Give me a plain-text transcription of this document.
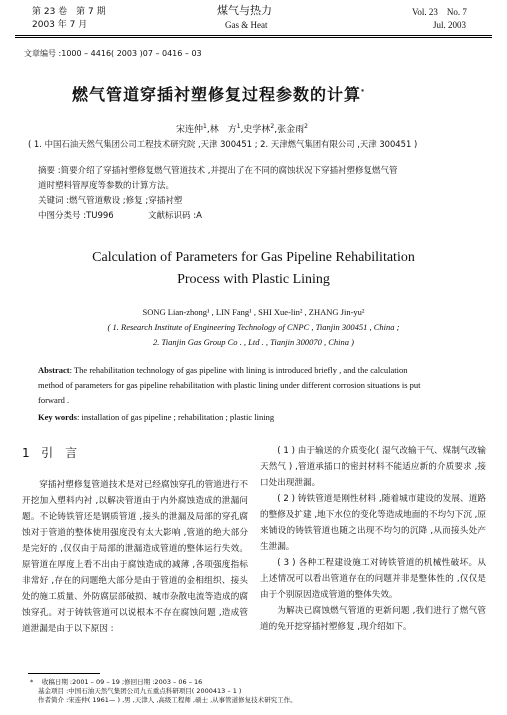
第 23 卷　第 7 期
2003 年 7 月
煤气与热力
Gas & Heat
Vol. 23　No. 7
Jul. 2003
文章编号 :1000 – 4416( 2003 )07 – 0416 – 03
燃气管道穿插衬塑修复过程参数的计算*
宋连仲$^1$,林　方$^1$,史学林$^2$,张金雨$^2$
( 1. 中国石油天然气集团公司工程技术研究院 ,天津 300451 ; 2. 天津燃气集团有限公司 ,天津 300451 )
摘要 :简要介绍了穿插衬塑修复燃气管道技术 ,并提出了在不同的腐蚀状况下穿插衬塑修复燃气管
道时塑料管厚度等参数的计算方法。
关键词 :燃气管道敷设 ;修复 ;穿插衬塑
中图分类号 :TU996	文献标识码 :A
Calculation of Parameters for Gas Pipeline Rehabilitation
Process with Plastic Lining
SONG Lian-zhong¹ , LIN Fang¹ , SHI Xue-lin² , ZHANG Jin-yu²
( 1. Research Institute of Engineering Technology of CNPC , Tianjin 300451 , China ;
2. Tianjin Gas Group Co . , Ltd . , Tianjin 300070 , China )
Abstract: The rehabilitation technology of gas pipeline with lining is introduced briefly , and the calculation
method of parameters for gas pipeline rehabilitation with plastic lining under different corrosion situations is put
forward .
Key words: installation of gas pipeline ; rehabilitation ; plastic lining
1 引　言

穿插衬塑修复管道技术是对已经腐蚀穿孔的管道进行不开挖加入塑料内衬 ,以解决管道由于内外腐蚀造成的泄漏问题。不论铸铁管还是钢质管道 ,接头的泄漏及局部的穿孔腐蚀对于管道的整体使用强度没有太大影响 ,管道的绝大部分是完好的 ,仅仅由于局部的泄漏造成管道的整体运行失效。原管道在厚度上看不出由于腐蚀造成的减薄 ,各项强度指标非常好 ,存在的问题绝大部分是由于管道的金相组织、接头处的施工质量、外防腐层部破损、城市杂散电流等造成的腐蚀穿孔。对于铸铁管道可以说根本不存在腐蚀问题 ,造成管道泄漏是由于以下原因 :

( 1 ) 由于输送的介质变化( 湿气改输干气、煤制气改输天然气 ) ,管道承插口的密封材料不能适应新的介质要求 ,接口处出现泄漏。

( 2 ) 铸铁管道是刚性材料 ,随着城市建设的发展、道路的整修及扩建 ,地下水位的变化等造成地面的不均匀下沉 ,原来铺设的铸铁管道也随之出现不均匀的沉降 ,从而接头处产生泄漏。

( 3 ) 各种工程建设施工对铸铁管道的机械性破坏。从上述情况可以看出管道存在的问题并非是整体性的 ,仅仅是由于个别原因造成管道的整体失效。

为解决已腐蚀燃气管道的更新问题 ,我们进行了燃气管道的免开挖穿插衬塑修复 ,现介绍如下。

* 　收稿日期 :2001 – 09 – 19 ;修回日期 :2003 – 06 – 16
基金项目 :中国石油天然气集团公司九五重点科研项目( 2000413 – 1 )
作者简介 :宋连仲( 1961— ) ,男 ,天津人 ,高级工程师 ,硕士 ,从事管道修复技术研究工作。
